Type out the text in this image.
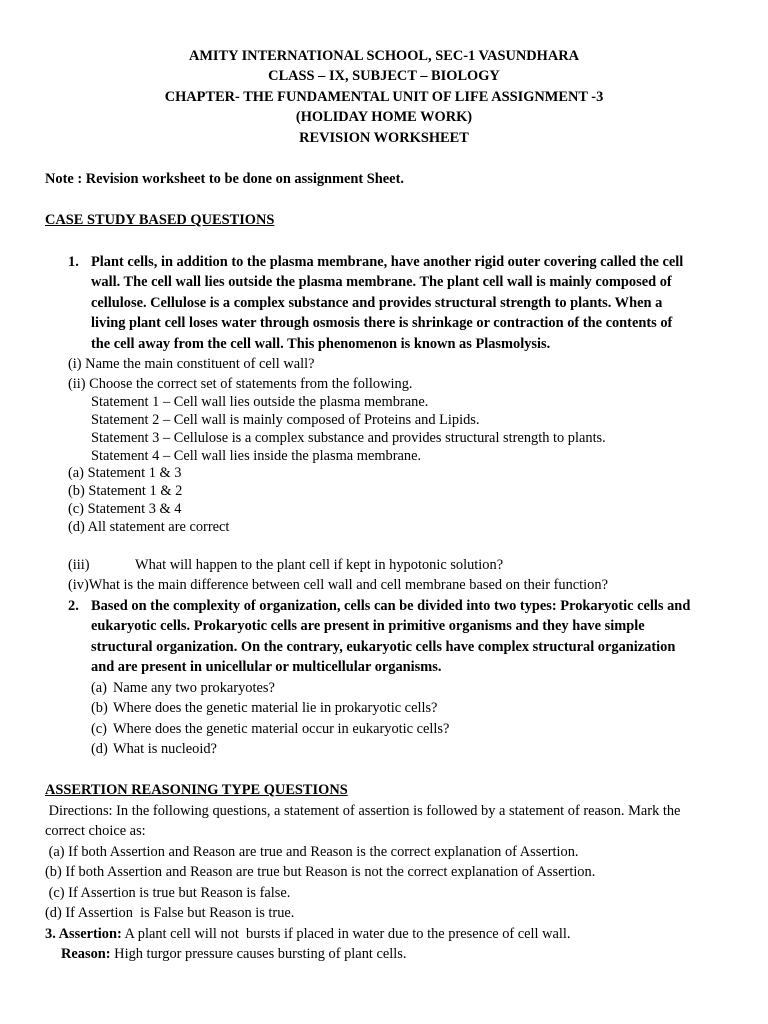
AMITY INTERNATIONAL SCHOOL, SEC-1 VASUNDHARA
CLASS – IX, SUBJECT – BIOLOGY
CHAPTER- THE FUNDAMENTAL UNIT OF LIFE ASSIGNMENT -3
(HOLIDAY HOME WORK)
REVISION WORKSHEET
Note : Revision worksheet to be done on assignment Sheet.
CASE STUDY BASED QUESTIONS
1. Plant cells, in addition to the plasma membrane, have another rigid outer covering called the cell
wall. The cell wall lies outside the plasma membrane. The plant cell wall is mainly composed of
cellulose. Cellulose is a complex substance and provides structural strength to plants. When a
living plant cell loses water through osmosis there is shrinkage or contraction of the contents of
the cell away from the cell wall. This phenomenon is known as Plasmolysis.
(i) Name the main constituent of cell wall?
(ii) Choose the correct set of statements from the following.
Statement 1 – Cell wall lies outside the plasma membrane.
Statement 2 – Cell wall is mainly composed of Proteins and Lipids.
Statement 3 – Cellulose is a complex substance and provides structural strength to plants.
Statement 4 – Cell wall lies inside the plasma membrane.
(a) Statement 1 & 3
(b) Statement 1 & 2
(c) Statement 3 & 4
(d) All statement are correct
(iii)	What will happen to the plant cell if kept in hypotonic solution?
(iv)What is the main difference between cell wall and cell membrane based on their function?
2. Based on the complexity of organization, cells can be divided into two types: Prokaryotic cells and
eukaryotic cells. Prokaryotic cells are present in primitive organisms and they have simple
structural organization. On the contrary, eukaryotic cells have complex structural organization
and are present in unicellular or multicellular organisms.
(a) Name any two prokaryotes?
(b) Where does the genetic material lie in prokaryotic cells?
(c) Where does the genetic material occur in eukaryotic cells?
(d) What is nucleoid?
ASSERTION REASONING TYPE QUESTIONS
Directions: In the following questions, a statement of assertion is followed by a statement of reason. Mark the
correct choice as:
(a) If both Assertion and Reason are true and Reason is the correct explanation of Assertion.
(b) If both Assertion and Reason are true but Reason is not the correct explanation of Assertion.
(c) If Assertion is true but Reason is false.
(d) If Assertion  is False but Reason is true.
3. Assertion: A plant cell will not  bursts if placed in water due to the presence of cell wall.
Reason: High turgor pressure causes bursting of plant cells.
